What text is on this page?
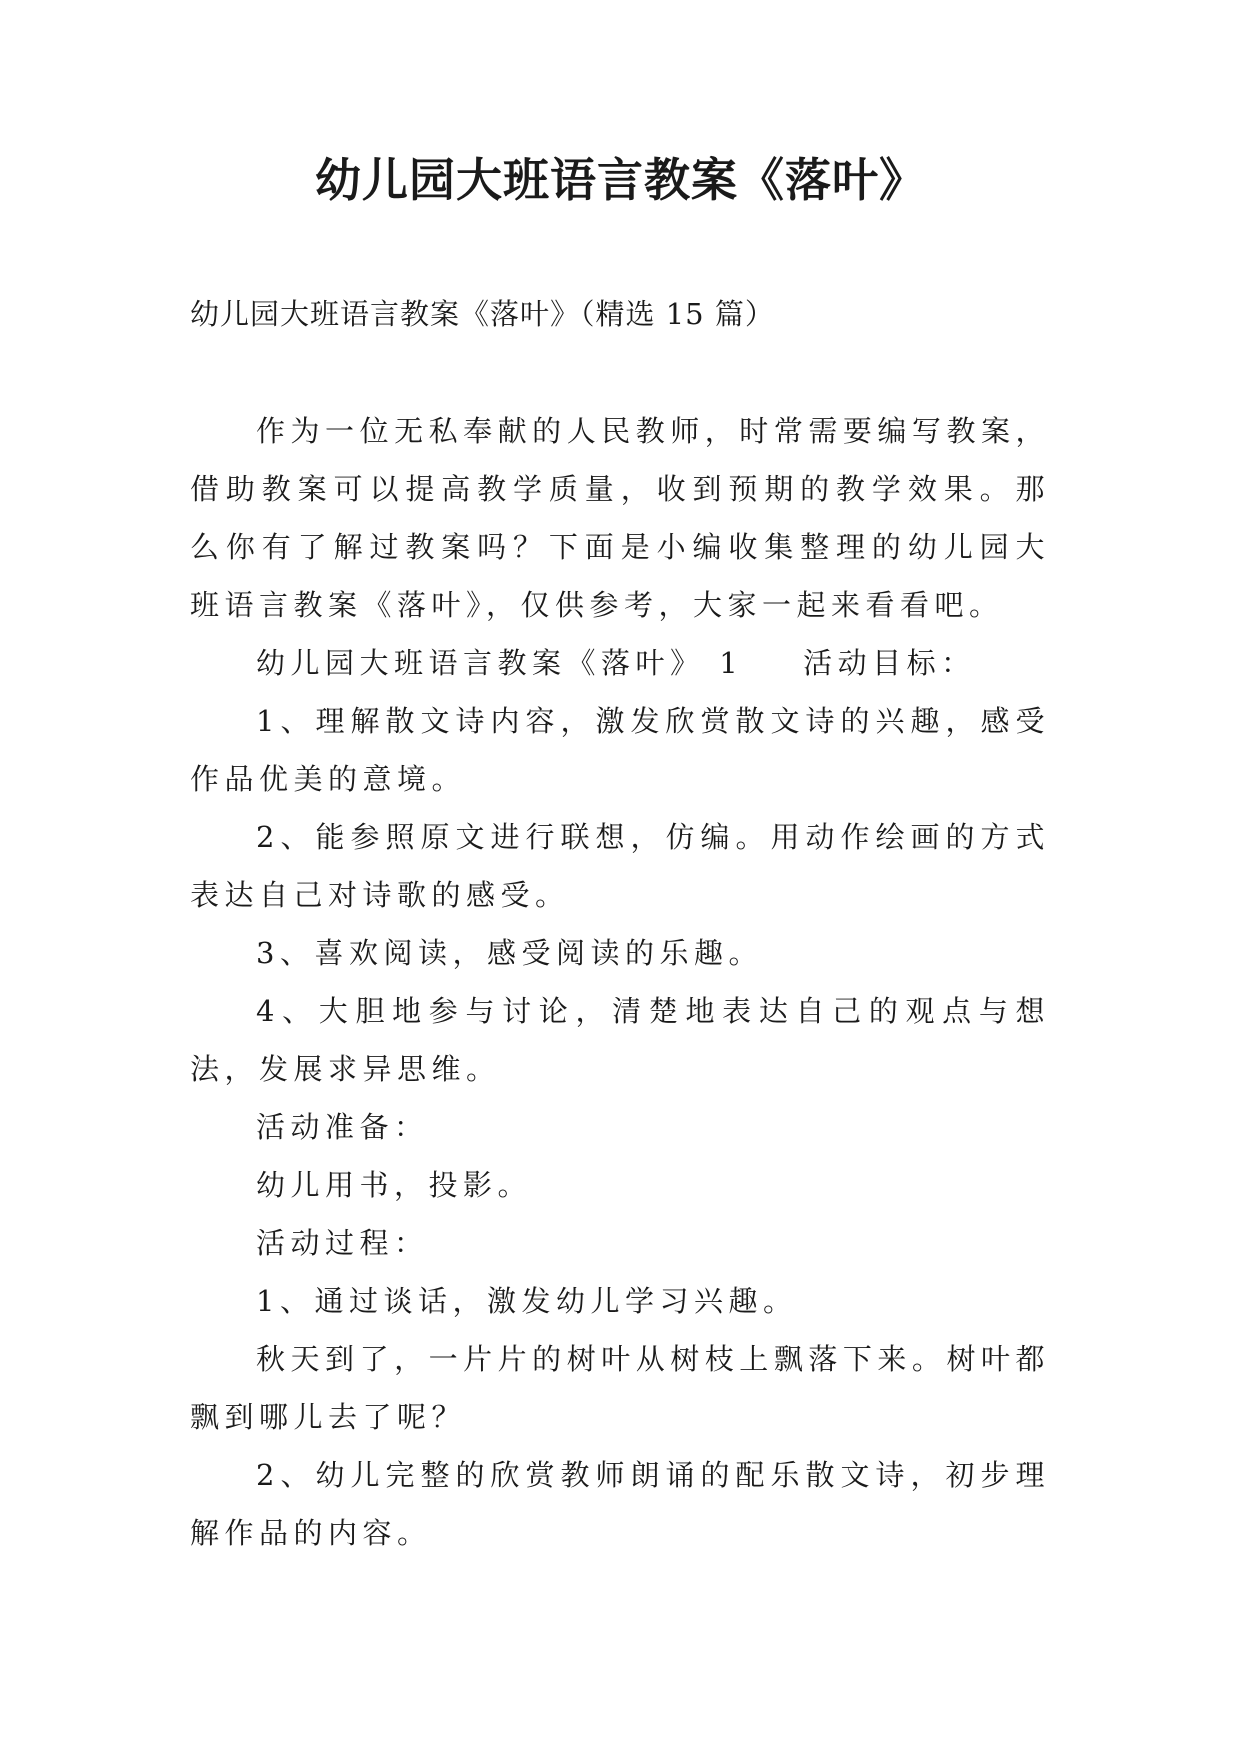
幼儿园大班语言教案《落叶》
幼儿园大班语言教案《落叶》（精选 15 篇）

作为一位无私奉献的人民教师，时常需要编写教案，借助教案可以提高教学质量，收到预期的教学效果。那么你有了解过教案吗？下面是小编收集整理的幼儿园大班语言教案《落叶》，仅供参考，大家一起来看看吧。

幼儿园大班语言教案《落叶》 1 活动目标：

1、理解散文诗内容，激发欣赏散文诗的兴趣，感受作品优美的意境。

2、能参照原文进行联想，仿编。用动作绘画的方式表达自己对诗歌的感受。

3、喜欢阅读，感受阅读的乐趣。

4、大胆地参与讨论，清楚地表达自己的观点与想法，发展求异思维。

活动准备：

幼儿用书，投影。

活动过程：

1、通过谈话，激发幼儿学习兴趣。

秋天到了，一片片的树叶从树枝上飘落下来。树叶都飘到哪儿去了呢？

2、幼儿完整的欣赏教师朗诵的配乐散文诗，初步理解作品的内容。
